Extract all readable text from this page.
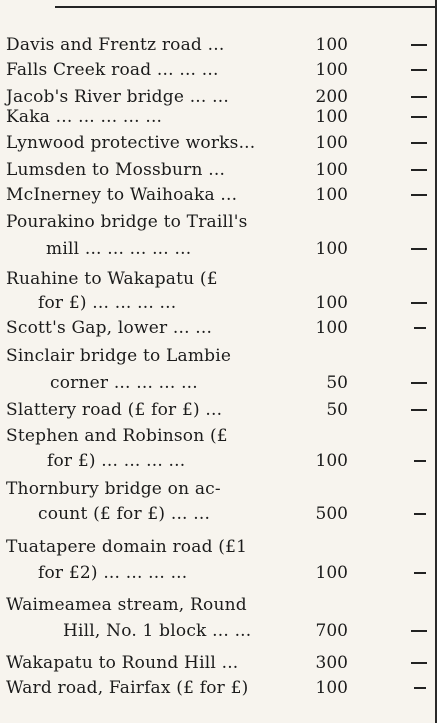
Davis and Frentz road ...	100
Falls Creek road ... ... ...	100
Jacob's River bridge ... ...	200
Kaka ... ... ... ... ...	100
Lynwood protective works...	100
Lumsden to Mossburn ...	100
McInerney to Waihoaka ...	100
Pourakino bridge to Traill's
mill ... ... ... ... ...	100
Ruahine to Wakapatu (£
for £) ... ... ... ...	100
Scott's Gap, lower ... ...	100
Sinclair bridge to Lambie
corner ... ... ... ...	50
Slattery road (£ for £) ...	50
Stephen and Robinson (£
for £) ... ... ... ...	100
Thornbury bridge on ac-
count (£ for £) ... ...	500
Tuatapere domain road (£1
for £2) ... ... ... ...	100
Waimeamea stream, Round
Hill, No. 1 block ... ...	700
Wakapatu to Round Hill ...	300
Ward road, Fairfax (£ for £)	100
